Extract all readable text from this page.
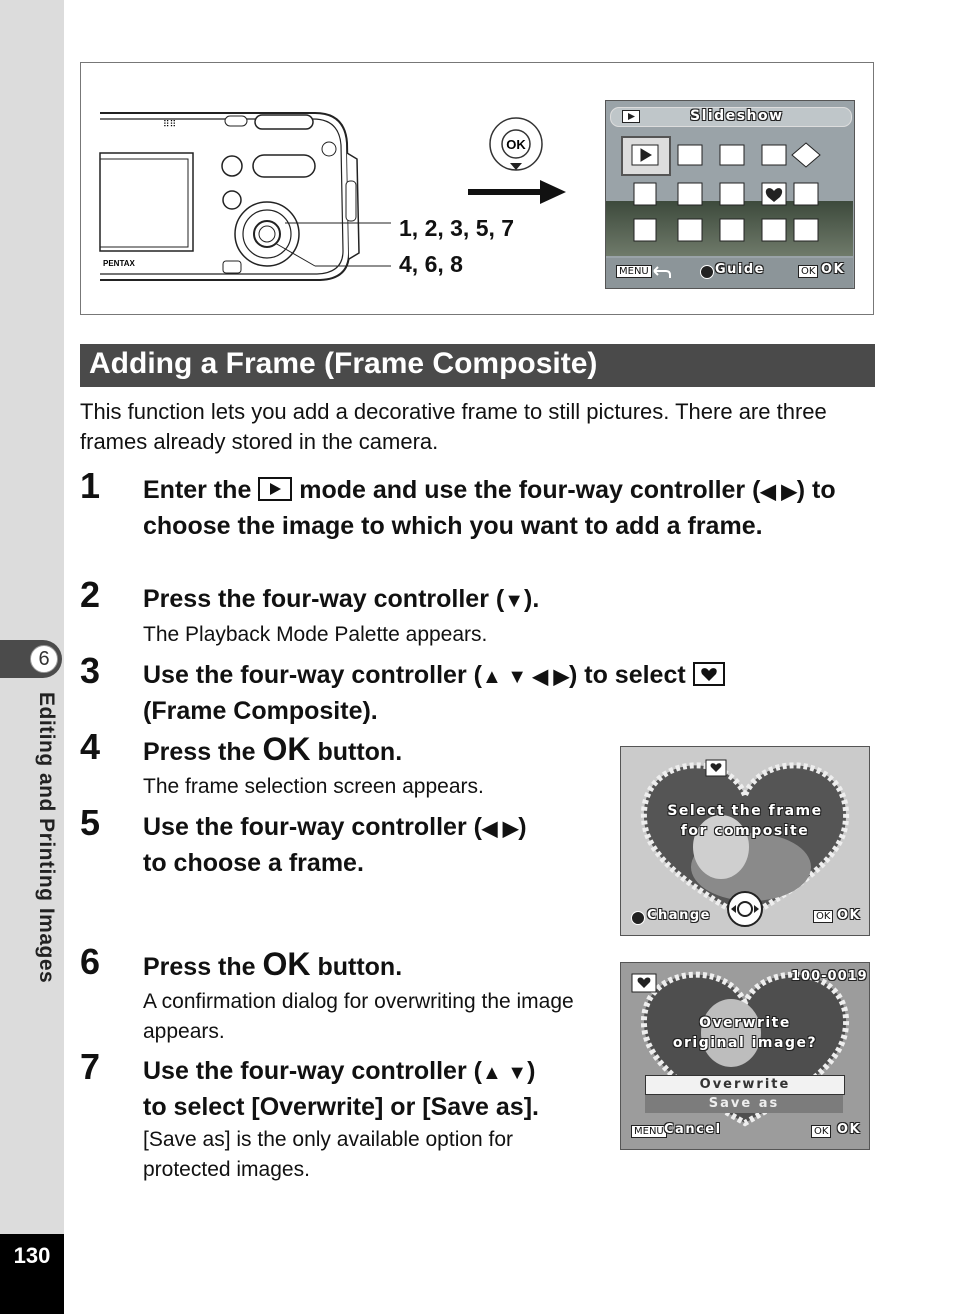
6
Editing and Printing Images
130
⠿⠿
PENTAX
1, 2, 3, 5, 7
4, 6, 8
OK
Slideshow
MENU	Guide	OK OK
Adding a Frame (Frame Composite)
This function lets you add a decorative frame to still pictures. There are three frames already stored in the camera.
1 Enter the  mode and use the four-way controller (◀ ▶) to choose the image to which you want to add a frame.
2 Press the four-way controller (▼).
The Playback Mode Palette appears.
3 Use the four-way controller (▲ ▼ ◀ ▶) to select
(Frame Composite).
4 Press the OK button.
The frame selection screen appears.
5 Use the four-way controller (◀ ▶)
to choose a frame.
6 Press the OK button.
A confirmation dialog for overwriting the image appears.
7 Use the four-way controller (▲ ▼)
to select [Overwrite] or [Save as].
[Save as] is the only available option for protected images.
Select the frame
for composite
Change	OK OK
100-0019
Overwrite
original image?
Overwrite
Save as
MENU Cancel	OK OK
